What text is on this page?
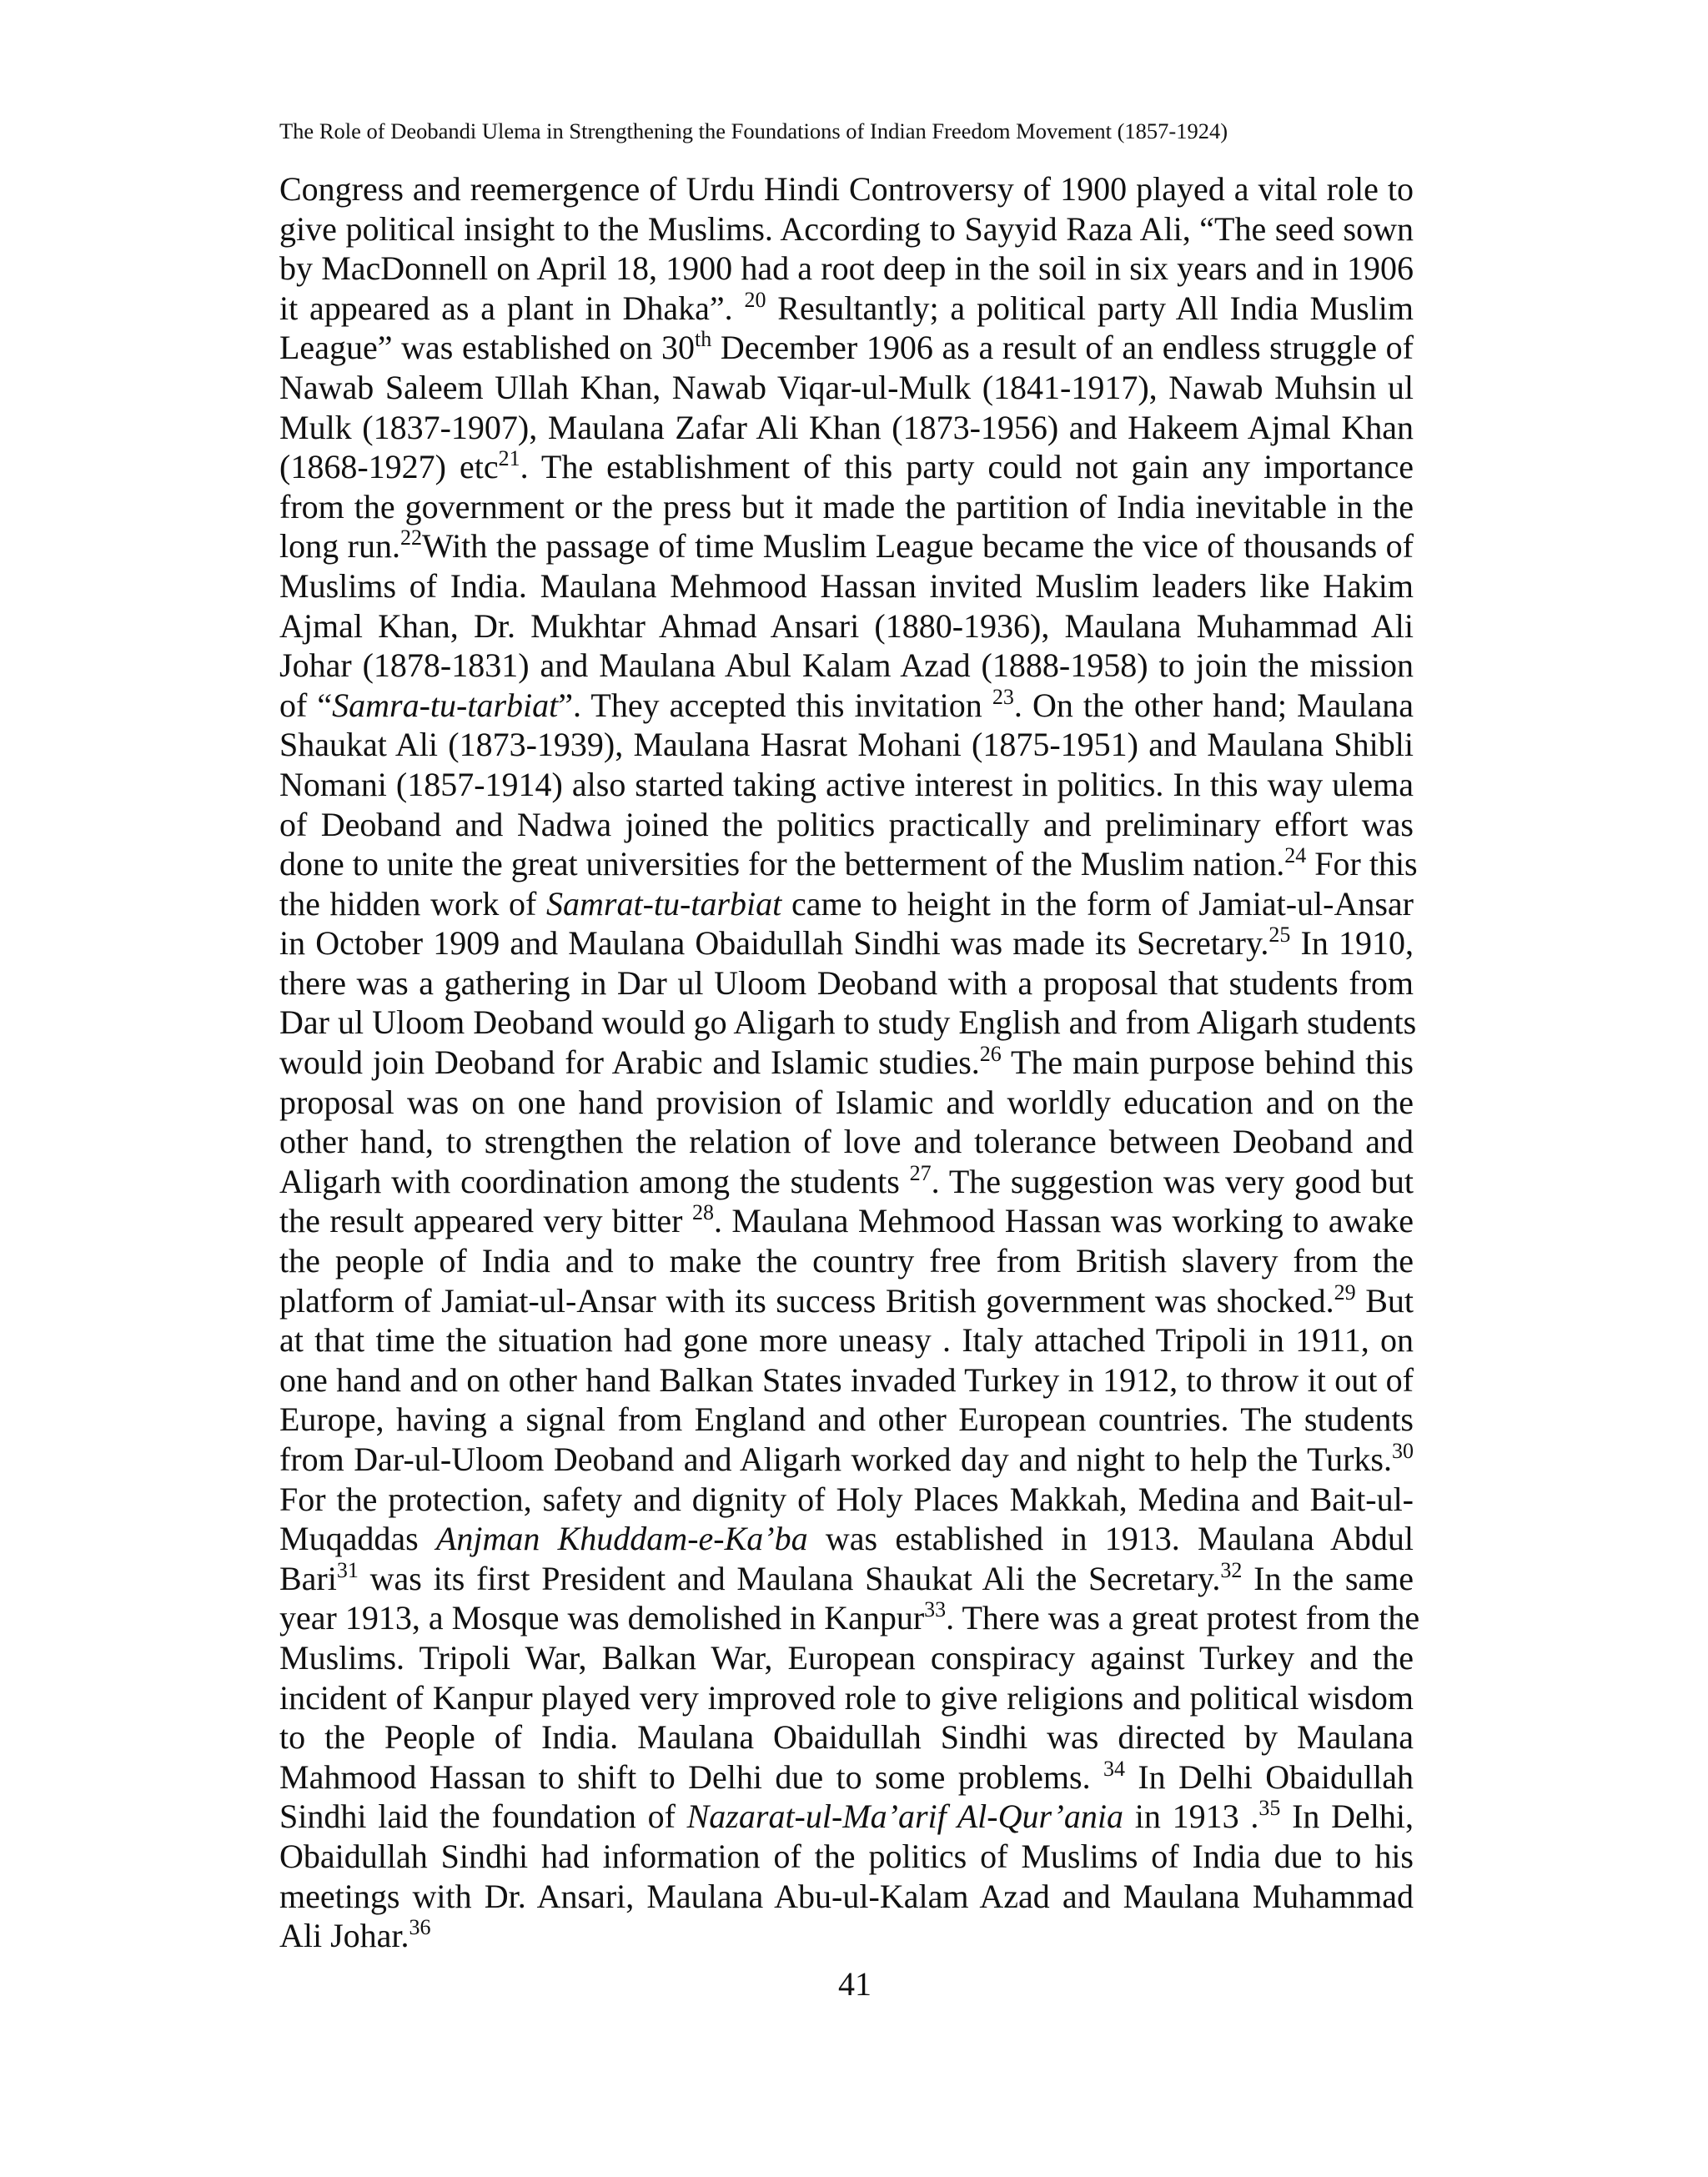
The Role of Deobandi Ulema in Strengthening the Foundations of Indian Freedom Movement (1857-1924)
Congress and reemergence of Urdu Hindi Controversy of 1900 played a vital role to
give political insight to the Muslims. According to Sayyid Raza Ali, “The seed sown
by MacDonnell on April 18, 1900 had a root deep in the soil in six years and in 1906
it appeared as a plant in Dhaka”. $^{20}$ Resultantly; a political party All India Muslim
League” was established on 30th December 1906 as a result of an endless struggle of
Nawab Saleem Ullah Khan, Nawab Viqar-ul-Mulk (1841-1917), Nawab Muhsin ul
Mulk (1837-1907), Maulana Zafar Ali Khan (1873-1956) and Hakeem Ajmal Khan
(1868-1927) etc$^{21}$. The establishment of this party could not gain any importance
from the government or the press but it made the partition of India inevitable in the
long run.$^{22}$With the passage of time Muslim League became the vice of thousands of
Muslims of India. Maulana Mehmood Hassan invited Muslim leaders like Hakim
Ajmal Khan, Dr. Mukhtar Ahmad Ansari (1880-1936), Maulana Muhammad Ali
Johar (1878-1831) and Maulana Abul Kalam Azad (1888-1958) to join the mission
of “Samra-tu-tarbiat”. They accepted this invitation $^{23}$. On the other hand; Maulana
Shaukat Ali (1873-1939), Maulana Hasrat Mohani (1875-1951) and Maulana Shibli
Nomani (1857-1914) also started taking active interest in politics. In this way ulema
of Deoband and Nadwa joined the politics practically and preliminary effort was
done to unite the great universities for the betterment of the Muslim nation.$^{24}$ For this
the hidden work of Samrat-tu-tarbiat came to height in the form of Jamiat-ul-Ansar
in October 1909 and Maulana Obaidullah Sindhi was made its Secretary.$^{25}$ In 1910,
there was a gathering in Dar ul Uloom Deoband with a proposal that students from
Dar ul Uloom Deoband would go Aligarh to study English and from Aligarh students
would join Deoband for Arabic and Islamic studies.$^{26}$ The main purpose behind this
proposal was on one hand provision of Islamic and worldly education and on the
other hand, to strengthen the relation of love and tolerance between Deoband and
Aligarh with coordination among the students $^{27}$. The suggestion was very good but
the result appeared very bitter $^{28}$. Maulana Mehmood Hassan was working to awake
the people of India and to make the country free from British slavery from the
platform of Jamiat-ul-Ansar with its success British government was shocked.$^{29}$ But
at that time the situation had gone more uneasy . Italy attached Tripoli in 1911, on
one hand and on other hand Balkan States invaded Turkey in 1912, to throw it out of
Europe, having a signal from England and other European countries. The students
from Dar-ul-Uloom Deoband and Aligarh worked day and night to help the Turks.$^{30}$
For the protection, safety and dignity of Holy Places Makkah, Medina and Bait-ul-
Muqaddas Anjman Khuddam-e-Ka’ba was established in 1913. Maulana Abdul
Bari$^{31}$ was its first President and Maulana Shaukat Ali the Secretary.$^{32}$ In the same
year 1913, a Mosque was demolished in Kanpur$^{33}$. There was a great protest from the
Muslims. Tripoli War, Balkan War, European conspiracy against Turkey and the
incident of Kanpur played very improved role to give religions and political wisdom
to the People of India. Maulana Obaidullah Sindhi was directed by Maulana
Mahmood Hassan to shift to Delhi due to some problems. $^{34}$ In Delhi Obaidullah
Sindhi laid the foundation of Nazarat-ul-Ma’arif Al-Qur’ania in 1913 .$^{35}$ In Delhi,
Obaidullah Sindhi had information of the politics of Muslims of India due to his
meetings with Dr. Ansari, Maulana Abu-ul-Kalam Azad and Maulana Muhammad
Ali Johar.$^{36}$
41
